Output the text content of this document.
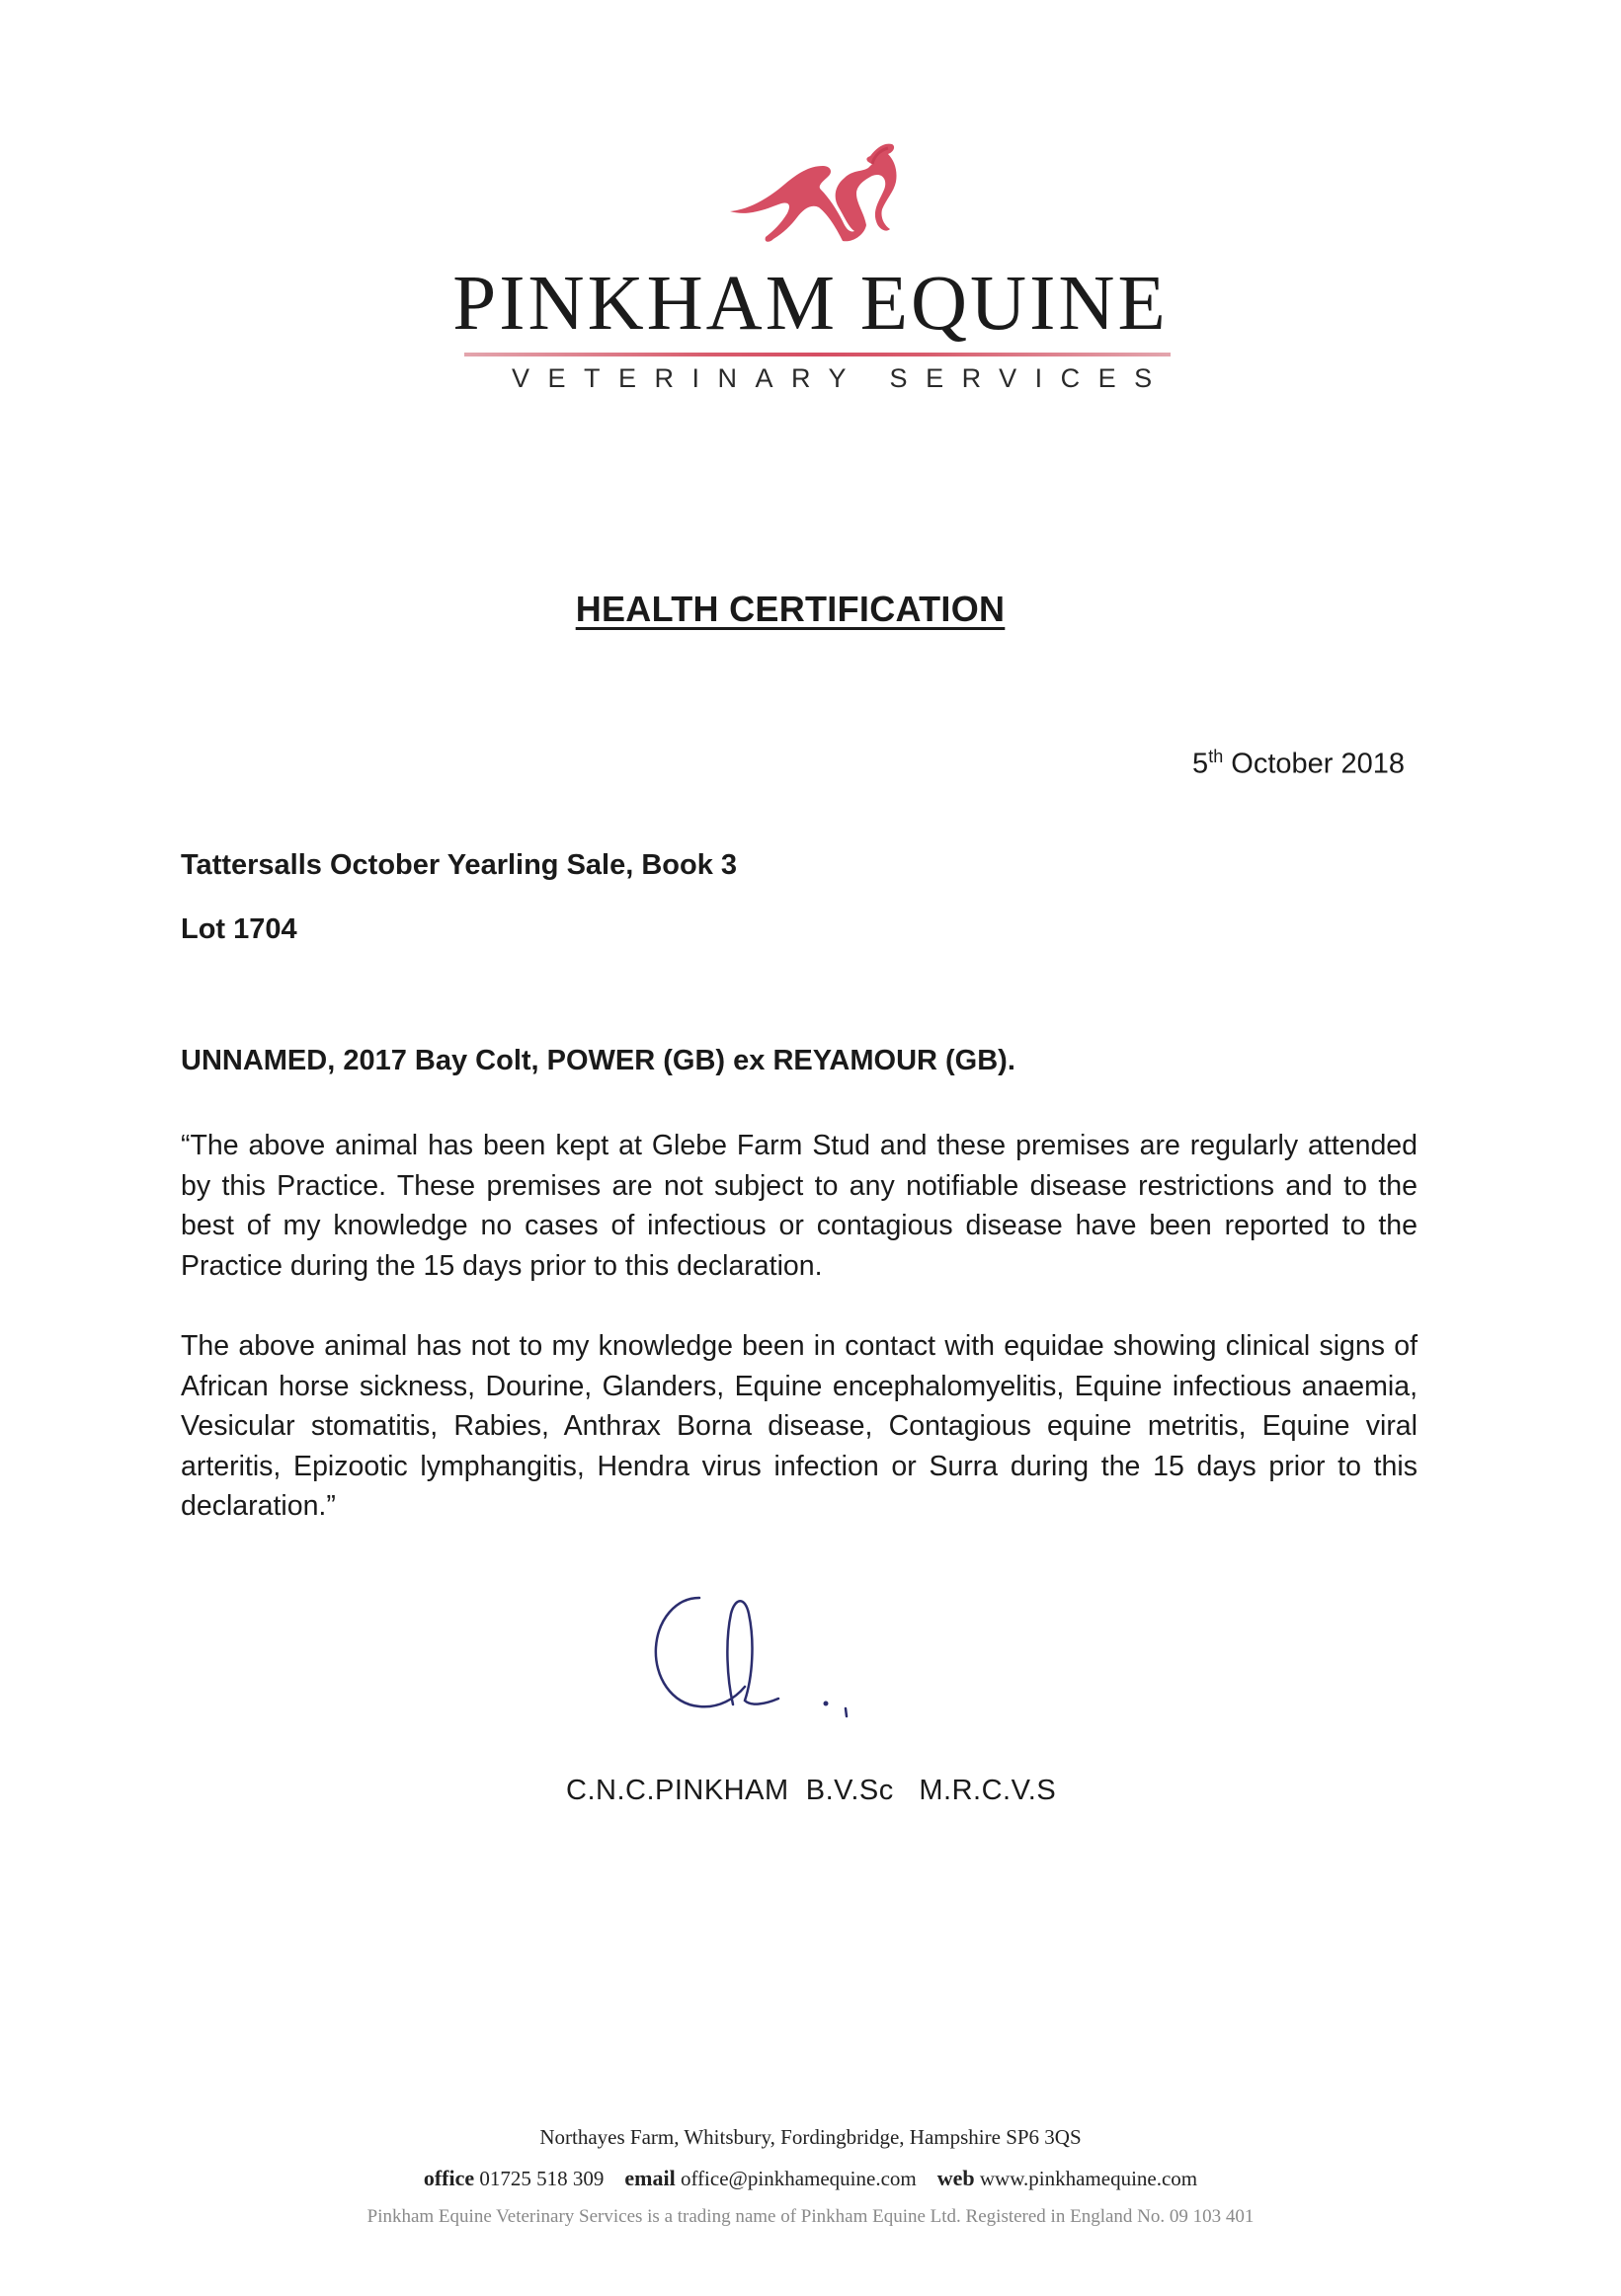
PINKHAM EQUINE
VETERINARY SERVICES
HEALTH CERTIFICATION
5th October 2018
Tattersalls October Yearling Sale, Book 3
Lot 1704
UNNAMED, 2017 Bay Colt, POWER (GB) ex REYAMOUR (GB).
“The above animal has been kept at Glebe Farm Stud and these premises are regularly attended by this Practice. These premises are not subject to any notifiable disease restrictions and to the best of my knowledge no cases of infectious or contagious disease have been reported to the Practice during the 15 days prior to this declaration.
The above animal has not to my knowledge been in contact with equidae showing clinical signs of African horse sickness, Dourine, Glanders, Equine encephalomyelitis, Equine infectious anaemia, Vesicular stomatitis, Rabies, Anthrax Borna disease, Contagious equine metritis, Equine viral arteritis, Epizootic lymphangitis, Hendra virus infection or Surra during the 15 days prior to this declaration.”
C.N.C.PINKHAM  B.V.Sc   M.R.C.V.S
Northayes Farm, Whitsbury, Fordingbridge, Hampshire SP6 3QS
office 01725 518 309 email office@pinkhamequine.com web www.pinkhamequine.com
Pinkham Equine Veterinary Services is a trading name of Pinkham Equine Ltd. Registered in England No. 09 103 401
